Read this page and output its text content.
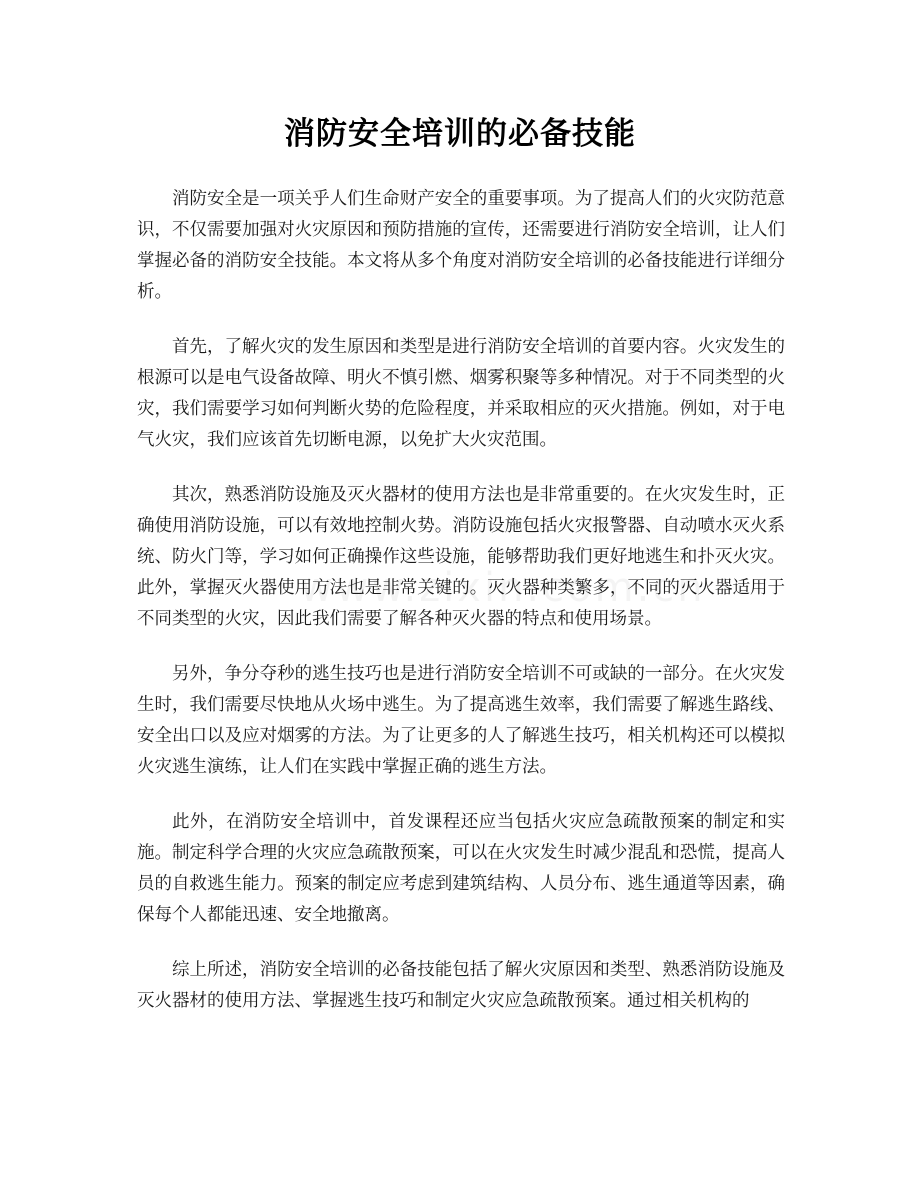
消防安全培训的必备技能

消防安全是一项关乎人们生命财产安全的重要事项。为了提高人们的火灾防范意识，不仅需要加强对火灾原因和预防措施的宣传，还需要进行消防安全培训，让人们掌握必备的消防安全技能。本文将从多个角度对消防安全培训的必备技能进行详细分析。

首先，了解火灾的发生原因和类型是进行消防安全培训的首要内容。火灾发生的根源可以是电气设备故障、明火不慎引燃、烟雾积聚等多种情况。对于不同类型的火灾，我们需要学习如何判断火势的危险程度，并采取相应的灭火措施。例如，对于电气火灾，我们应该首先切断电源，以免扩大火灾范围。

其次，熟悉消防设施及灭火器材的使用方法也是非常重要的。在火灾发生时，正确使用消防设施，可以有效地控制火势。消防设施包括火灾报警器、自动喷水灭火系统、防火门等，学习如何正确操作这些设施，能够帮助我们更好地逃生和扑灭火灾。此外，掌握灭火器使用方法也是非常关键的。灭火器种类繁多，不同的灭火器适用于不同类型的火灾，因此我们需要了解各种灭火器的特点和使用场景。

另外，争分夺秒的逃生技巧也是进行消防安全培训不可或缺的一部分。在火灾发生时，我们需要尽快地从火场中逃生。为了提高逃生效率，我们需要了解逃生路线、安全出口以及应对烟雾的方法。为了让更多的人了解逃生技巧，相关机构还可以模拟火灾逃生演练，让人们在实践中掌握正确的逃生方法。

此外，在消防安全培训中，首发课程还应当包括火灾应急疏散预案的制定和实施。制定科学合理的火灾应急疏散预案，可以在火灾发生时减少混乱和恐慌，提高人员的自救逃生能力。预案的制定应考虑到建筑结构、人员分布、逃生通道等因素，确保每个人都能迅速、安全地撤离。

综上所述，消防安全培训的必备技能包括了解火灾原因和类型、熟悉消防设施及灭火器材的使用方法、掌握逃生技巧和制定火灾应急疏散预案。通过相关机构的
